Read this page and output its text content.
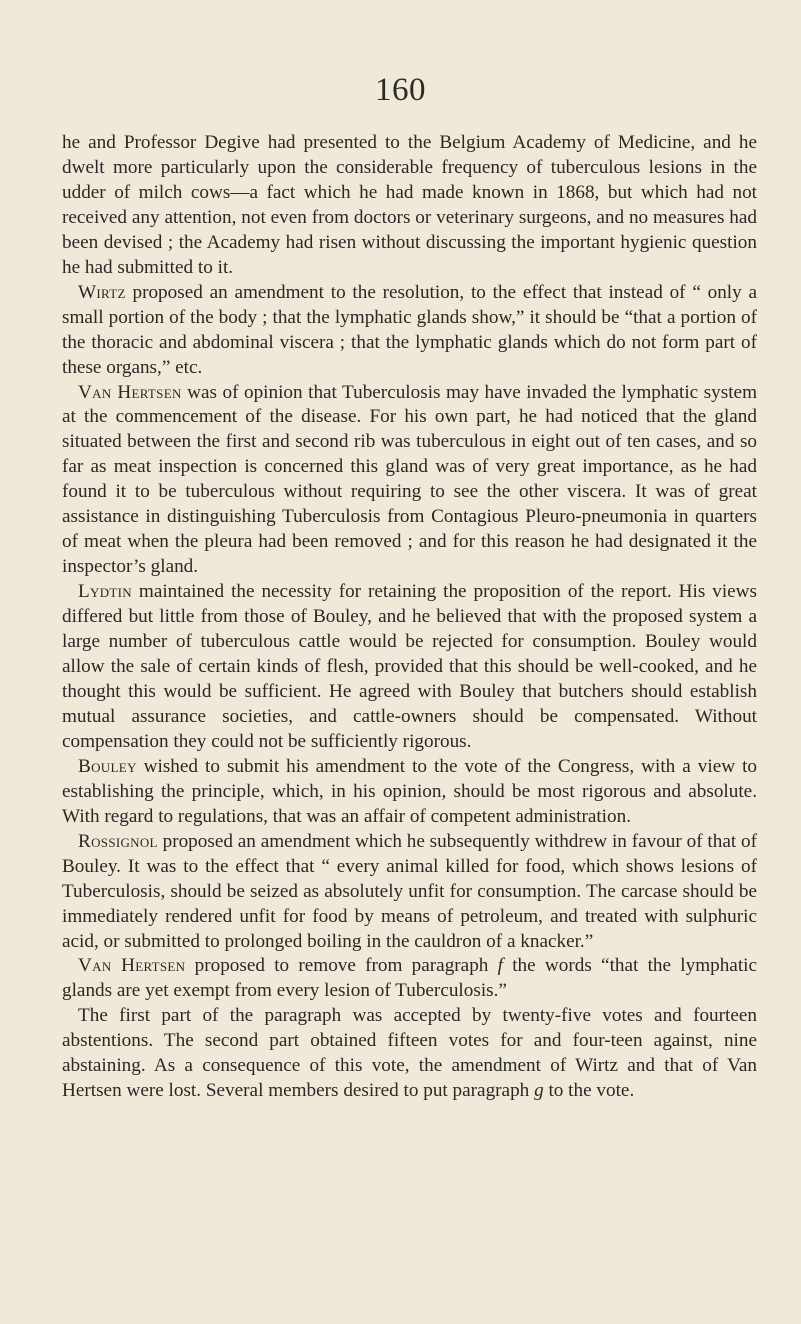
160

he and Professor Degive had presented to the Belgium Academy of Medicine, and he dwelt more particularly upon the considerable frequency of tuberculous lesions in the udder of milch cows—a fact which he had made known in 1868, but which had not received any attention, not even from doctors or veterinary surgeons, and no measures had been devised ; the Academy had risen without discussing the important hygienic question he had submitted to it.

Wirtz proposed an amendment to the resolution, to the effect that instead of “ only a small portion of the body ; that the lymphatic glands show,” it should be “that a portion of the thoracic and abdominal viscera ; that the lymphatic glands which do not form part of these organs,” etc.

Van Hertsen was of opinion that Tuberculosis may have invaded the lymphatic system at the commencement of the disease. For his own part, he had noticed that the gland situated between the first and second rib was tuberculous in eight out of ten cases, and so far as meat inspection is concerned this gland was of very great importance, as he had found it to be tuberculous without requiring to see the other viscera. It was of great assistance in distinguishing Tuberculosis from Contagious Pleuro-pneumonia in quarters of meat when the pleura had been removed ; and for this reason he had designated it the inspector’s gland.

Lydtin maintained the necessity for retaining the proposition of the report. His views differed but little from those of Bouley, and he believed that with the proposed system a large number of tuberculous cattle would be rejected for consumption. Bouley would allow the sale of certain kinds of flesh, provided that this should be well-cooked, and he thought this would be sufficient. He agreed with Bouley that butchers should establish mutual assurance societies, and cattle-owners should be compensated. Without compensation they could not be sufficiently rigorous.

Bouley wished to submit his amendment to the vote of the Congress, with a view to establishing the principle, which, in his opinion, should be most rigorous and absolute. With regard to regulations, that was an affair of competent administration.

Rossignol proposed an amendment which he subsequently withdrew in favour of that of Bouley. It was to the effect that “ every animal killed for food, which shows lesions of Tuberculosis, should be seized as absolutely unfit for consumption. The carcase should be immediately rendered unfit for food by means of petroleum, and treated with sulphuric acid, or submitted to prolonged boiling in the cauldron of a knacker.”

Van Hertsen proposed to remove from paragraph f the words “that the lymphatic glands are yet exempt from every lesion of Tuberculosis.”

The first part of the paragraph was accepted by twenty-five votes and fourteen abstentions. The second part obtained fifteen votes for and four-teen against, nine abstaining. As a consequence of this vote, the amendment of Wirtz and that of Van Hertsen were lost. Several members desired to put paragraph g to the vote.
